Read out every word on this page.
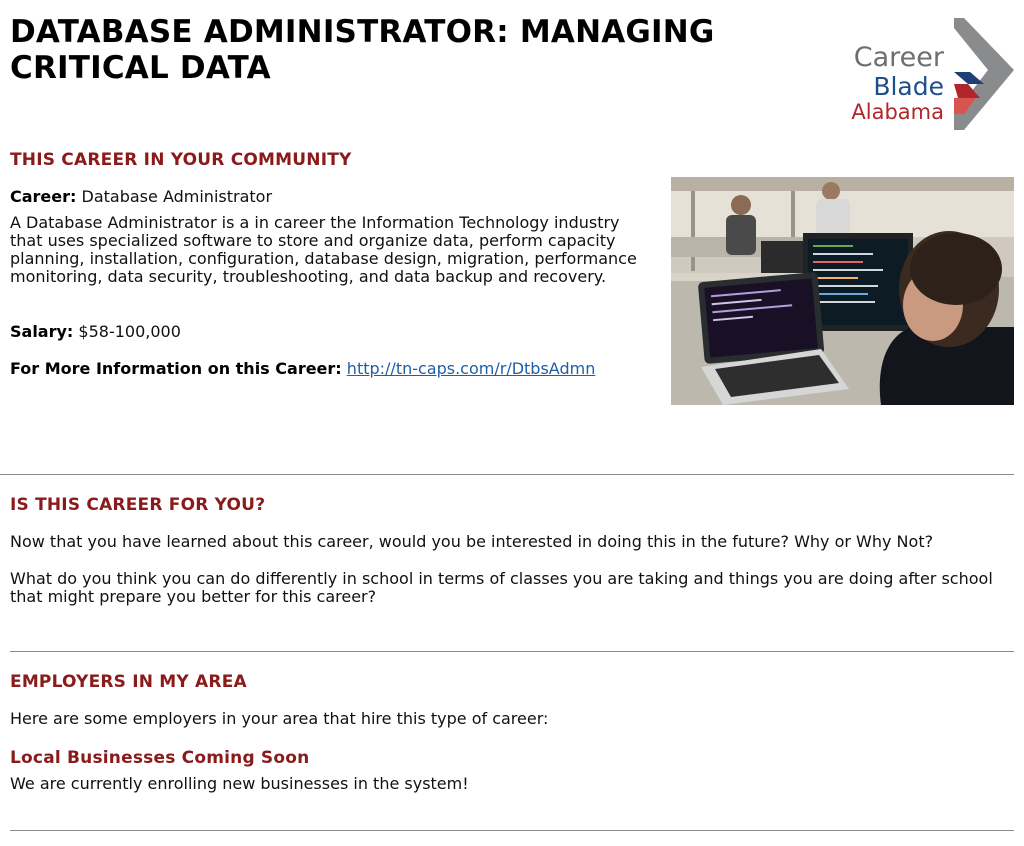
DATABASE ADMINISTRATOR: MANAGING CRITICAL DATA	Career
Blade
Alabama
THIS CAREER IN YOUR COMMUNITY

Career: Database Administrator

A Database Administrator is a in career the Information Technology industry that uses specialized software to store and organize data, perform capacity planning, installation, configuration, database design, migration, performance monitoring, data security, troubleshooting, and data backup and recovery.

Salary: $58-100,000

For More Information on this Career: http://tn-caps.com/r/DtbsAdmn

IS THIS CAREER FOR YOU?

Now that you have learned about this career, would you be interested in doing this in the future? Why or Why Not?

What do you think you can do differently in school in terms of classes you are taking and things you are doing after school that might prepare you better for this career?

EMPLOYERS IN MY AREA

Here are some employers in your area that hire this type of career:

Local Businesses Coming Soon

We are currently enrolling new businesses in the system!
